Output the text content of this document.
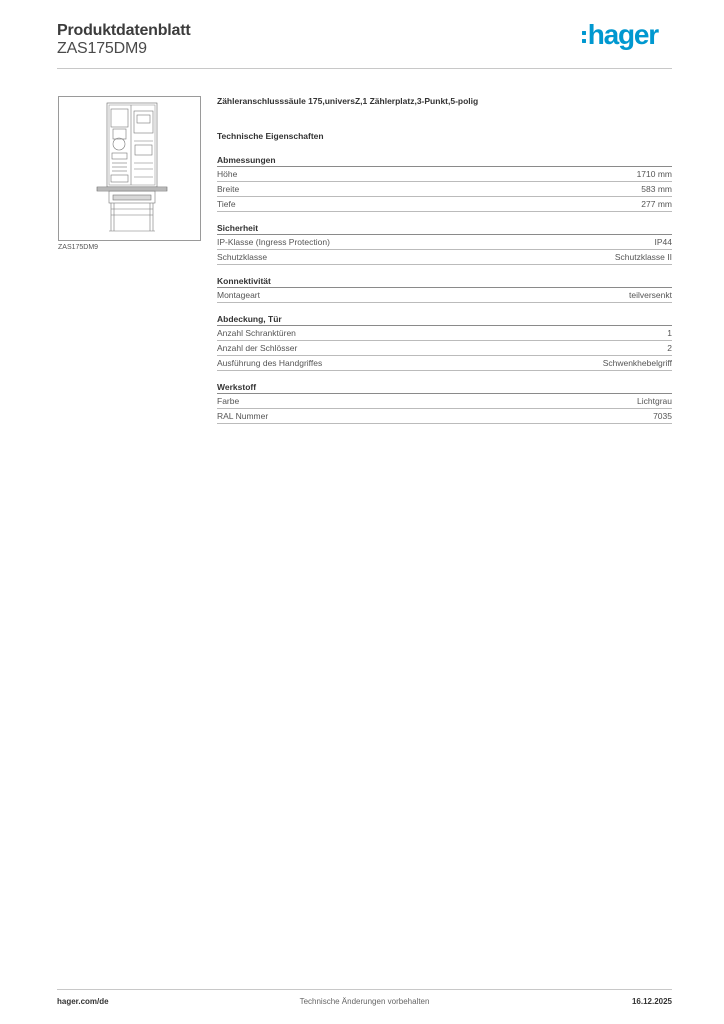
Produktdatenblatt
ZAS175DM9	hager
ZAS175DM9
Zähleranschlusssäule 175,universZ,1 Zählerplatz,3-Punkt,5-polig
Technische Eigenschaften
Abmessungen
Höhe	1710 mm
Breite	583 mm
Tiefe	277 mm
Sicherheit
IP-Klasse (Ingress Protection)	IP44
Schutzklasse	Schutzklasse II
Konnektivität
Montageart	teilversenkt
Abdeckung, Tür
Anzahl Schranktüren	1
Anzahl der Schlösser	2
Ausführung des Handgriffes	Schwenkhebelgriff
Werkstoff
Farbe	Lichtgrau
RAL Nummer	7035
hager.com/de	Technische Änderungen vorbehalten	16.12.2025
